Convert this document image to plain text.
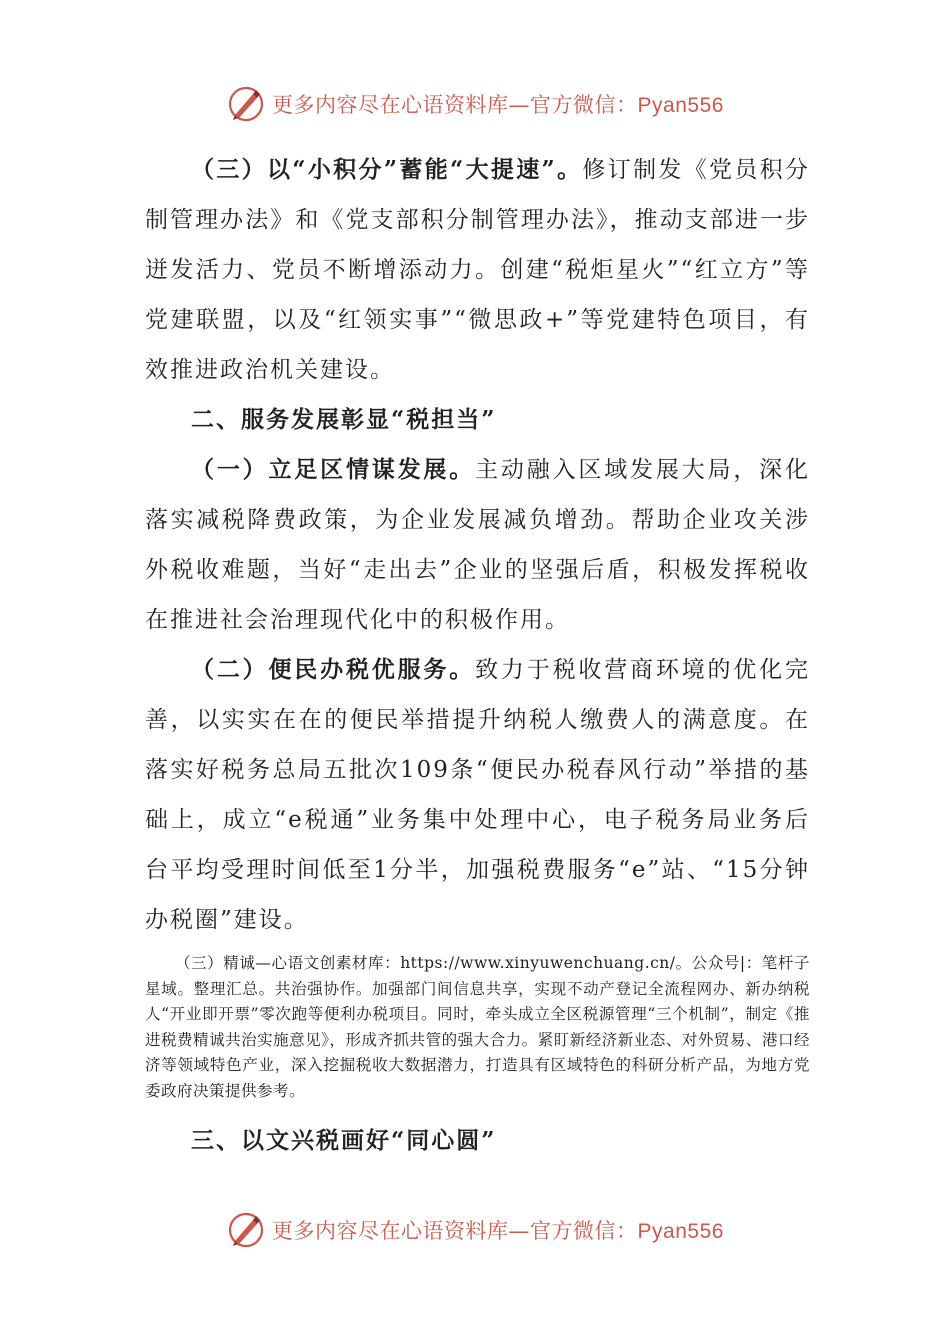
更多内容尽在心语资料库—官方微信：Pyan556

（三）以“小积分”蓄能“大提速”。修订制发《党员积分制管理办法》和《党支部积分制管理办法》，推动支部进一步迸发活力、党员不断增添动力。创建“税炬星火”“红立方”等党建联盟，以及“红领实事”“微思政+”等党建特色项目，有效推进政治机关建设。

二、服务发展彰显“税担当”

（一）立足区情谋发展。主动融入区域发展大局，深化落实减税降费政策，为企业发展减负增劲。帮助企业攻关涉外税收难题，当好“走出去”企业的坚强后盾，积极发挥税收在推进社会治理现代化中的积极作用。

（二）便民办税优服务。致力于税收营商环境的优化完善，以实实在在的便民举措提升纳税人缴费人的满意度。在落实好税务总局五批次109条“便民办税春风行动”举措的基础上，成立“e税通”业务集中处理中心，电子税务局业务后台平均受理时间低至1分半，加强税费服务“e”站、“15分钟办税圈”建设。

（三）精诚—心语文创素材库：https://www.xinyuwenchuang.cn/。公众号|：笔杆子星域。整理汇总。共治强协作。加强部门间信息共享，实现不动产登记全流程网办、新办纳税人“开业即开票”零次跑等便利办税项目。同时，牵头成立全区税源管理“三个机制”，制定《推进税费精诚共治实施意见》，形成齐抓共管的强大合力。紧盯新经济新业态、对外贸易、港口经济等领域特色产业，深入挖掘税收大数据潜力，打造具有区域特色的科研分析产品，为地方党委政府决策提供参考。

三、以文兴税画好“同心圆”

更多内容尽在心语资料库—官方微信：Pyan556
